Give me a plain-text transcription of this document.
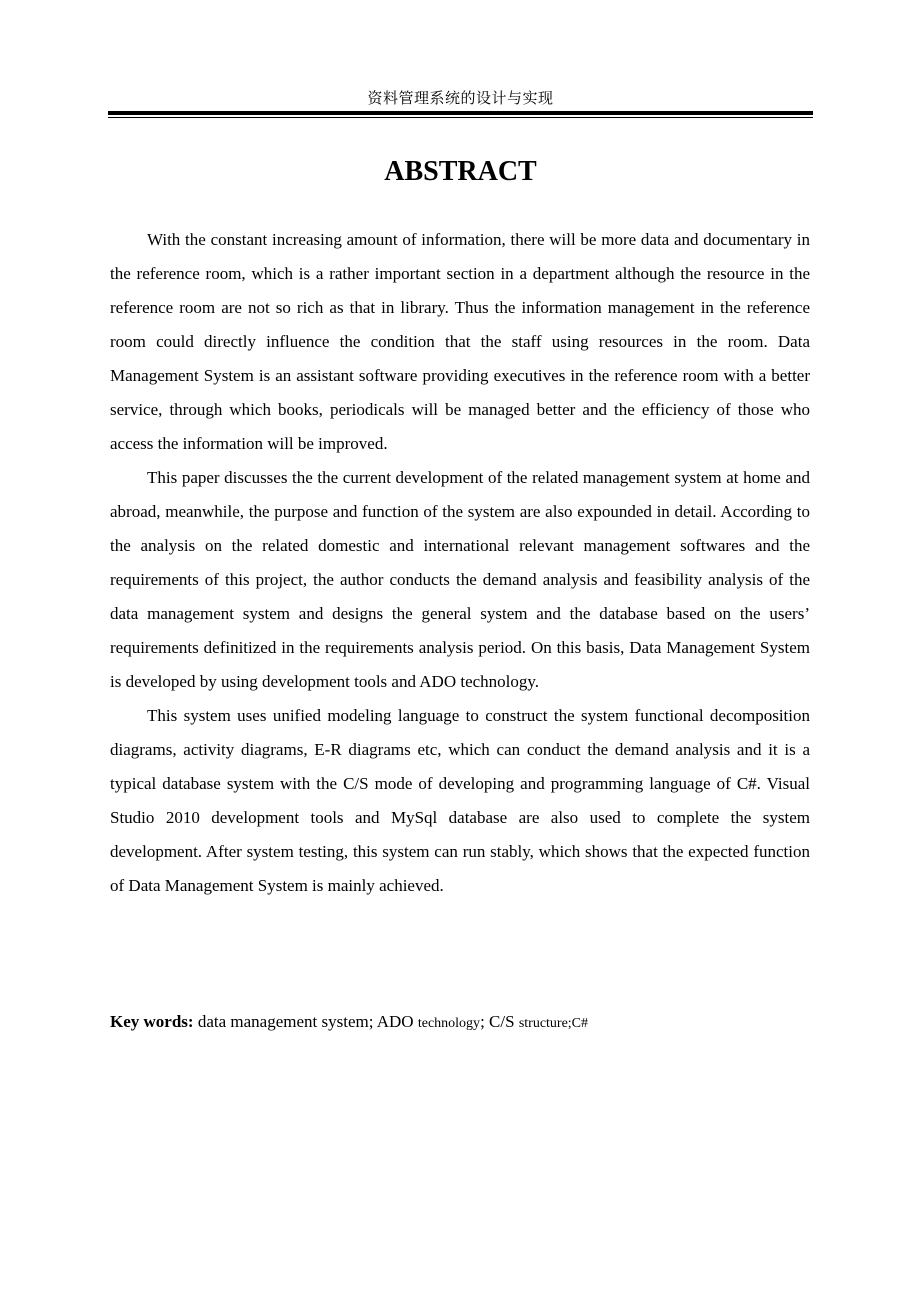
资料管理系统的设计与实现
ABSTRACT

With the constant increasing amount of information, there will be more data and documentary in the reference room, which is a rather important section in a department although the resource in the reference room are not so rich as that in library. Thus the information management in the reference room could directly influence the condition that the staff using resources in the room. Data Management System is an assistant software providing executives in the reference room with a better service, through which books, periodicals will be managed better and the efficiency of those who access the information will be improved.

This paper discusses the the current development of the related management system at home and abroad, meanwhile, the purpose and function of the system are also expounded in detail. According to the analysis on the related domestic and international relevant management softwares and the requirements of this project, the author conducts the demand analysis and feasibility analysis of the data management system and designs the general system and the database based on the users’ requirements definitized in the requirements analysis period. On this basis, Data Management System is developed by using development tools and ADO technology.

This system uses unified modeling language to construct the system functional decomposition diagrams, activity diagrams, E-R diagrams etc, which can conduct the demand analysis and it is a typical database system with the C/S mode of developing and programming language of C#. Visual Studio 2010 development tools and MySql database are also used to complete the system development. After system testing, this system can run stably, which shows that the expected function of Data Management System is mainly achieved.

Key words: data management system; ADO technology; C/S structure;C#
